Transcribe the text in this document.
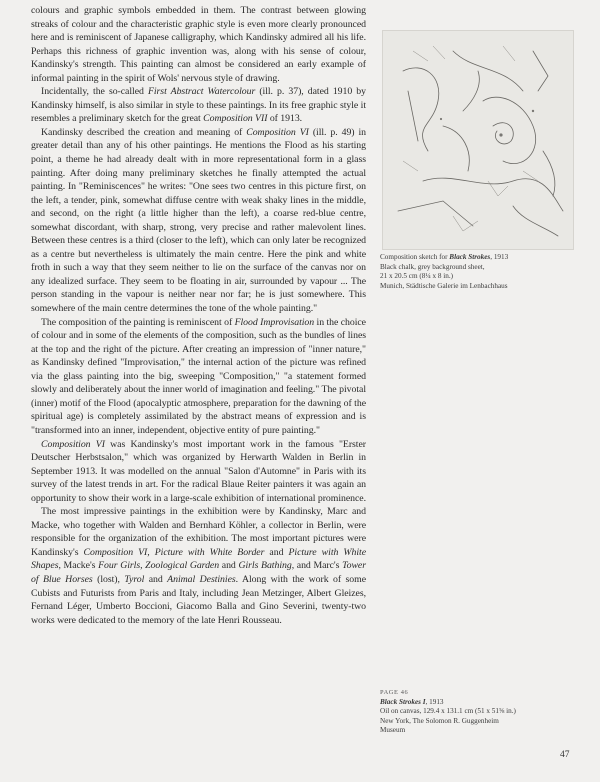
colours and graphic symbols embedded in them. The contrast between glowing streaks of colour and the characteristic graphic style is even more clearly pronounced here and is reminiscent of Japanese calligraphy, which Kandinsky admired all his life. Perhaps this richness of graphic invention was, along with his sense of colour, Kandinsky's strength. This painting can almost be considered an early example of informal painting in the spirit of Wols' nervous style of drawing.

Incidentally, the so-called First Abstract Watercolour (ill. p. 37), dated 1910 by Kandinsky himself, is also similar in style to these paintings. In its free graphic style it resembles a preliminary sketch for the great Composition VII of 1913.

Kandinsky described the creation and meaning of Composition VI (ill. p. 49) in greater detail than any of his other paintings. He mentions the Flood as his starting point, a theme he had already dealt with in more representational form in a glass painting. After doing many preliminary sketches he finally attempted the actual painting. In "Reminiscences" he writes: "One sees two centres in this picture first, on the left, a tender, pink, somewhat diffuse centre with weak shaky lines in the middle, and second, on the right (a little higher than the left), a coarse red-blue centre, somewhat discordant, with sharp, strong, very precise and rather malevolent lines. Between these centres is a third (closer to the left), which can only later be recognized as a centre but nevertheless is ultimately the main centre. Here the pink and white froth in such a way that they seem neither to lie on the surface of the canvas nor on any idealized surface. They seem to be floating in air, surrounded by vapour ... The person standing in the vapour is neither near nor far; he is just somewhere. This somewhere of the main centre determines the tone of the whole painting."

The composition of the painting is reminiscent of Flood Improvisation in the choice of colour and in some of the elements of the composition, such as the bundles of lines at the top and the right of the picture. After creating an impression of "inner nature," as Kandinsky defined "Improvisation," the internal action of the picture was refined via the glass painting into the big, sweeping "Composition," "a statement formed slowly and deliberately about the inner world of imagination and feeling." The pivotal (inner) motif of the Flood (apocalyptic atmosphere, preparation for the dawning of the spiritual age) is completely assimilated by the abstract means of expression and is "transformed into an inner, independent, objective entity of pure painting."

Composition VI was Kandinsky's most important work in the famous "Erster Deutscher Herbstsalon," which was organized by Herwarth Walden in Berlin in September 1913. It was modelled on the annual "Salon d'Automne" in Paris with its survey of the latest trends in art. For the radical Blaue Reiter painters it was again an opportunity to show their work in a large-scale exhibition of international prominence.

The most impressive paintings in the exhibition were by Kandinsky, Marc and Macke, who together with Walden and Bernhard Köhler, a collector in Berlin, were responsible for the organization of the exhibition. The most important pictures were Kandinsky's Composition VI, Picture with White Border and Picture with White Shapes, Macke's Four Girls, Zoological Garden and Girls Bathing, and Marc's Tower of Blue Horses (lost), Tyrol and Animal Destinies. Along with the work of some Cubists and Futurists from Paris and Italy, including Jean Metzinger, Albert Gleizes, Fernand Léger, Umberto Boccioni, Giacomo Balla and Gino Severini, twenty-two works were dedicated to the memory of the late Henri Rousseau.

Composition sketch for Black Strokes, 1913
Black chalk, grey background sheet,
21 x 20.5 cm (8¼ x 8 in.)
Munich, Städtische Galerie im Lenbachhaus
PAGE 46
Black Strokes I, 1913
Oil on canvas, 129.4 x 131.1 cm (51 x 51⅝ in.)
New York, The Solomon R. Guggenheim
Museum
47
